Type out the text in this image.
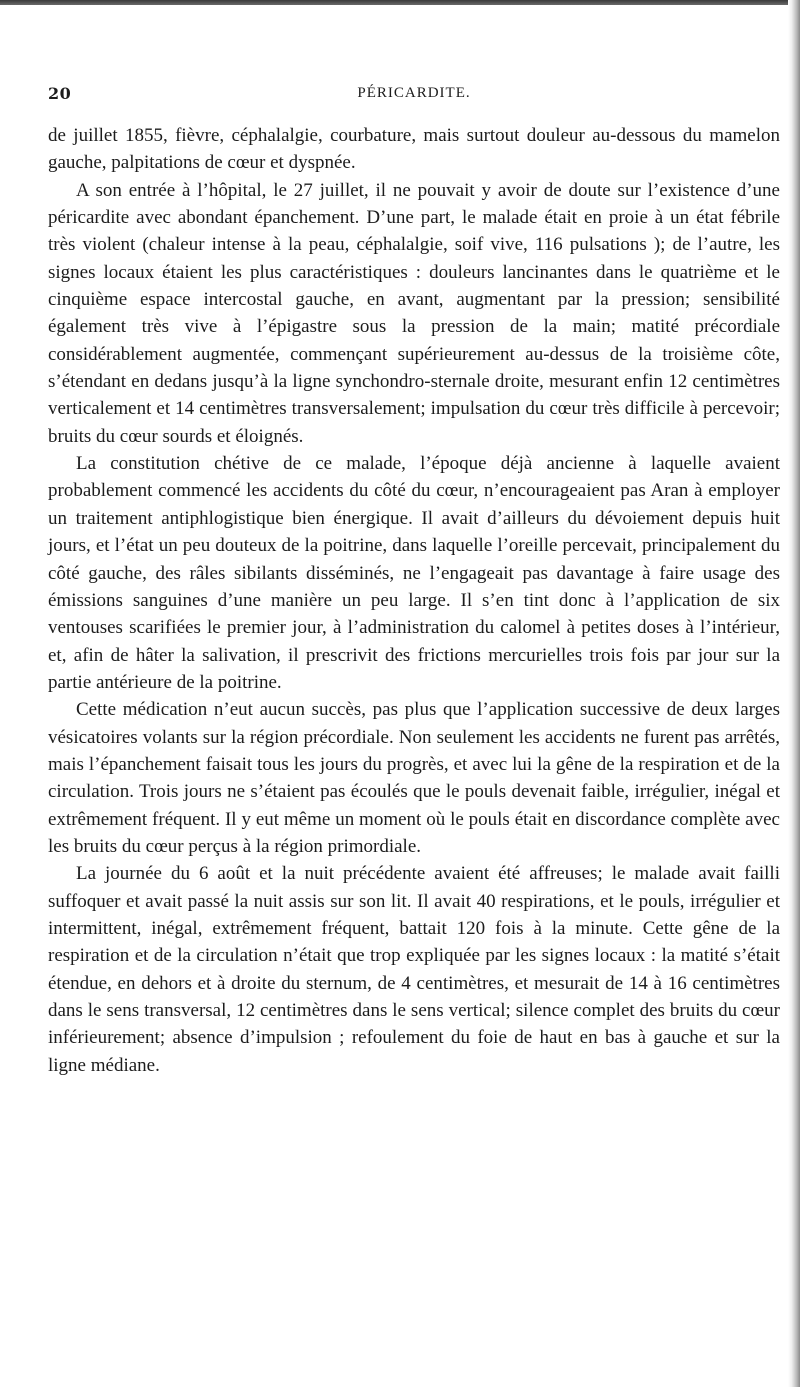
20	PÉRICARDITE.

de juillet 1855, fièvre, céphalalgie, courbature, mais surtout douleur au-dessous du mamelon gauche, palpitations de cœur et dyspnée.

A son entrée à l’hôpital, le 27 juillet, il ne pouvait y avoir de doute sur l’existence d’une péricardite avec abondant épanchement. D’une part, le malade était en proie à un état fébrile très violent (chaleur intense à la peau, céphalalgie, soif vive, 116 pulsations ); de l’autre, les signes locaux étaient les plus caractéristiques : douleurs lancinantes dans le quatrième et le cinquième espace intercostal gauche, en avant, augmentant par la pression; sensibilité également très vive à l’épigastre sous la pression de la main; matité précordiale considérablement augmentée, commençant supérieurement au-dessus de la troisième côte, s’étendant en dedans jusqu’à la ligne synchondro-sternale droite, mesurant enfin 12 centimètres verticalement et 14 centimètres transversalement; impulsation du cœur très difficile à percevoir; bruits du cœur sourds et éloignés.

La constitution chétive de ce malade, l’époque déjà ancienne à laquelle avaient probablement commencé les accidents du côté du cœur, n’encourageaient pas Aran à employer un traitement antiphlogistique bien énergique. Il avait d’ailleurs du dévoiement depuis huit jours, et l’état un peu douteux de la poitrine, dans laquelle l’oreille percevait, principalement du côté gauche, des râles sibilants disséminés, ne l’engageait pas davantage à faire usage des émissions sanguines d’une manière un peu large. Il s’en tint donc à l’application de six ventouses scarifiées le premier jour, à l’administration du calomel à petites doses à l’intérieur, et, afin de hâter la salivation, il prescrivit des frictions mercurielles trois fois par jour sur la partie antérieure de la poitrine.

Cette médication n’eut aucun succès, pas plus que l’application successive de deux larges vésicatoires volants sur la région précordiale. Non seulement les accidents ne furent pas arrêtés, mais l’épanchement faisait tous les jours du progrès, et avec lui la gêne de la respiration et de la circulation. Trois jours ne s’étaient pas écoulés que le pouls devenait faible, irrégulier, inégal et extrêmement fréquent. Il y eut même un moment où le pouls était en discordance complète avec les bruits du cœur perçus à la région primordiale.

La journée du 6 août et la nuit précédente avaient été affreuses; le malade avait failli suffoquer et avait passé la nuit assis sur son lit. Il avait 40 respirations, et le pouls, irrégulier et intermittent, inégal, extrêmement fréquent, battait 120 fois à la minute. Cette gêne de la respiration et de la circulation n’était que trop expliquée par les signes locaux : la matité s’était étendue, en dehors et à droite du sternum, de 4 centimètres, et mesurait de 14 à 16 centimètres dans le sens transversal, 12 centimètres dans le sens vertical; silence complet des bruits du cœur inférieurement; absence d’impulsion ; refoulement du foie de haut en bas à gauche et sur la ligne médiane.
